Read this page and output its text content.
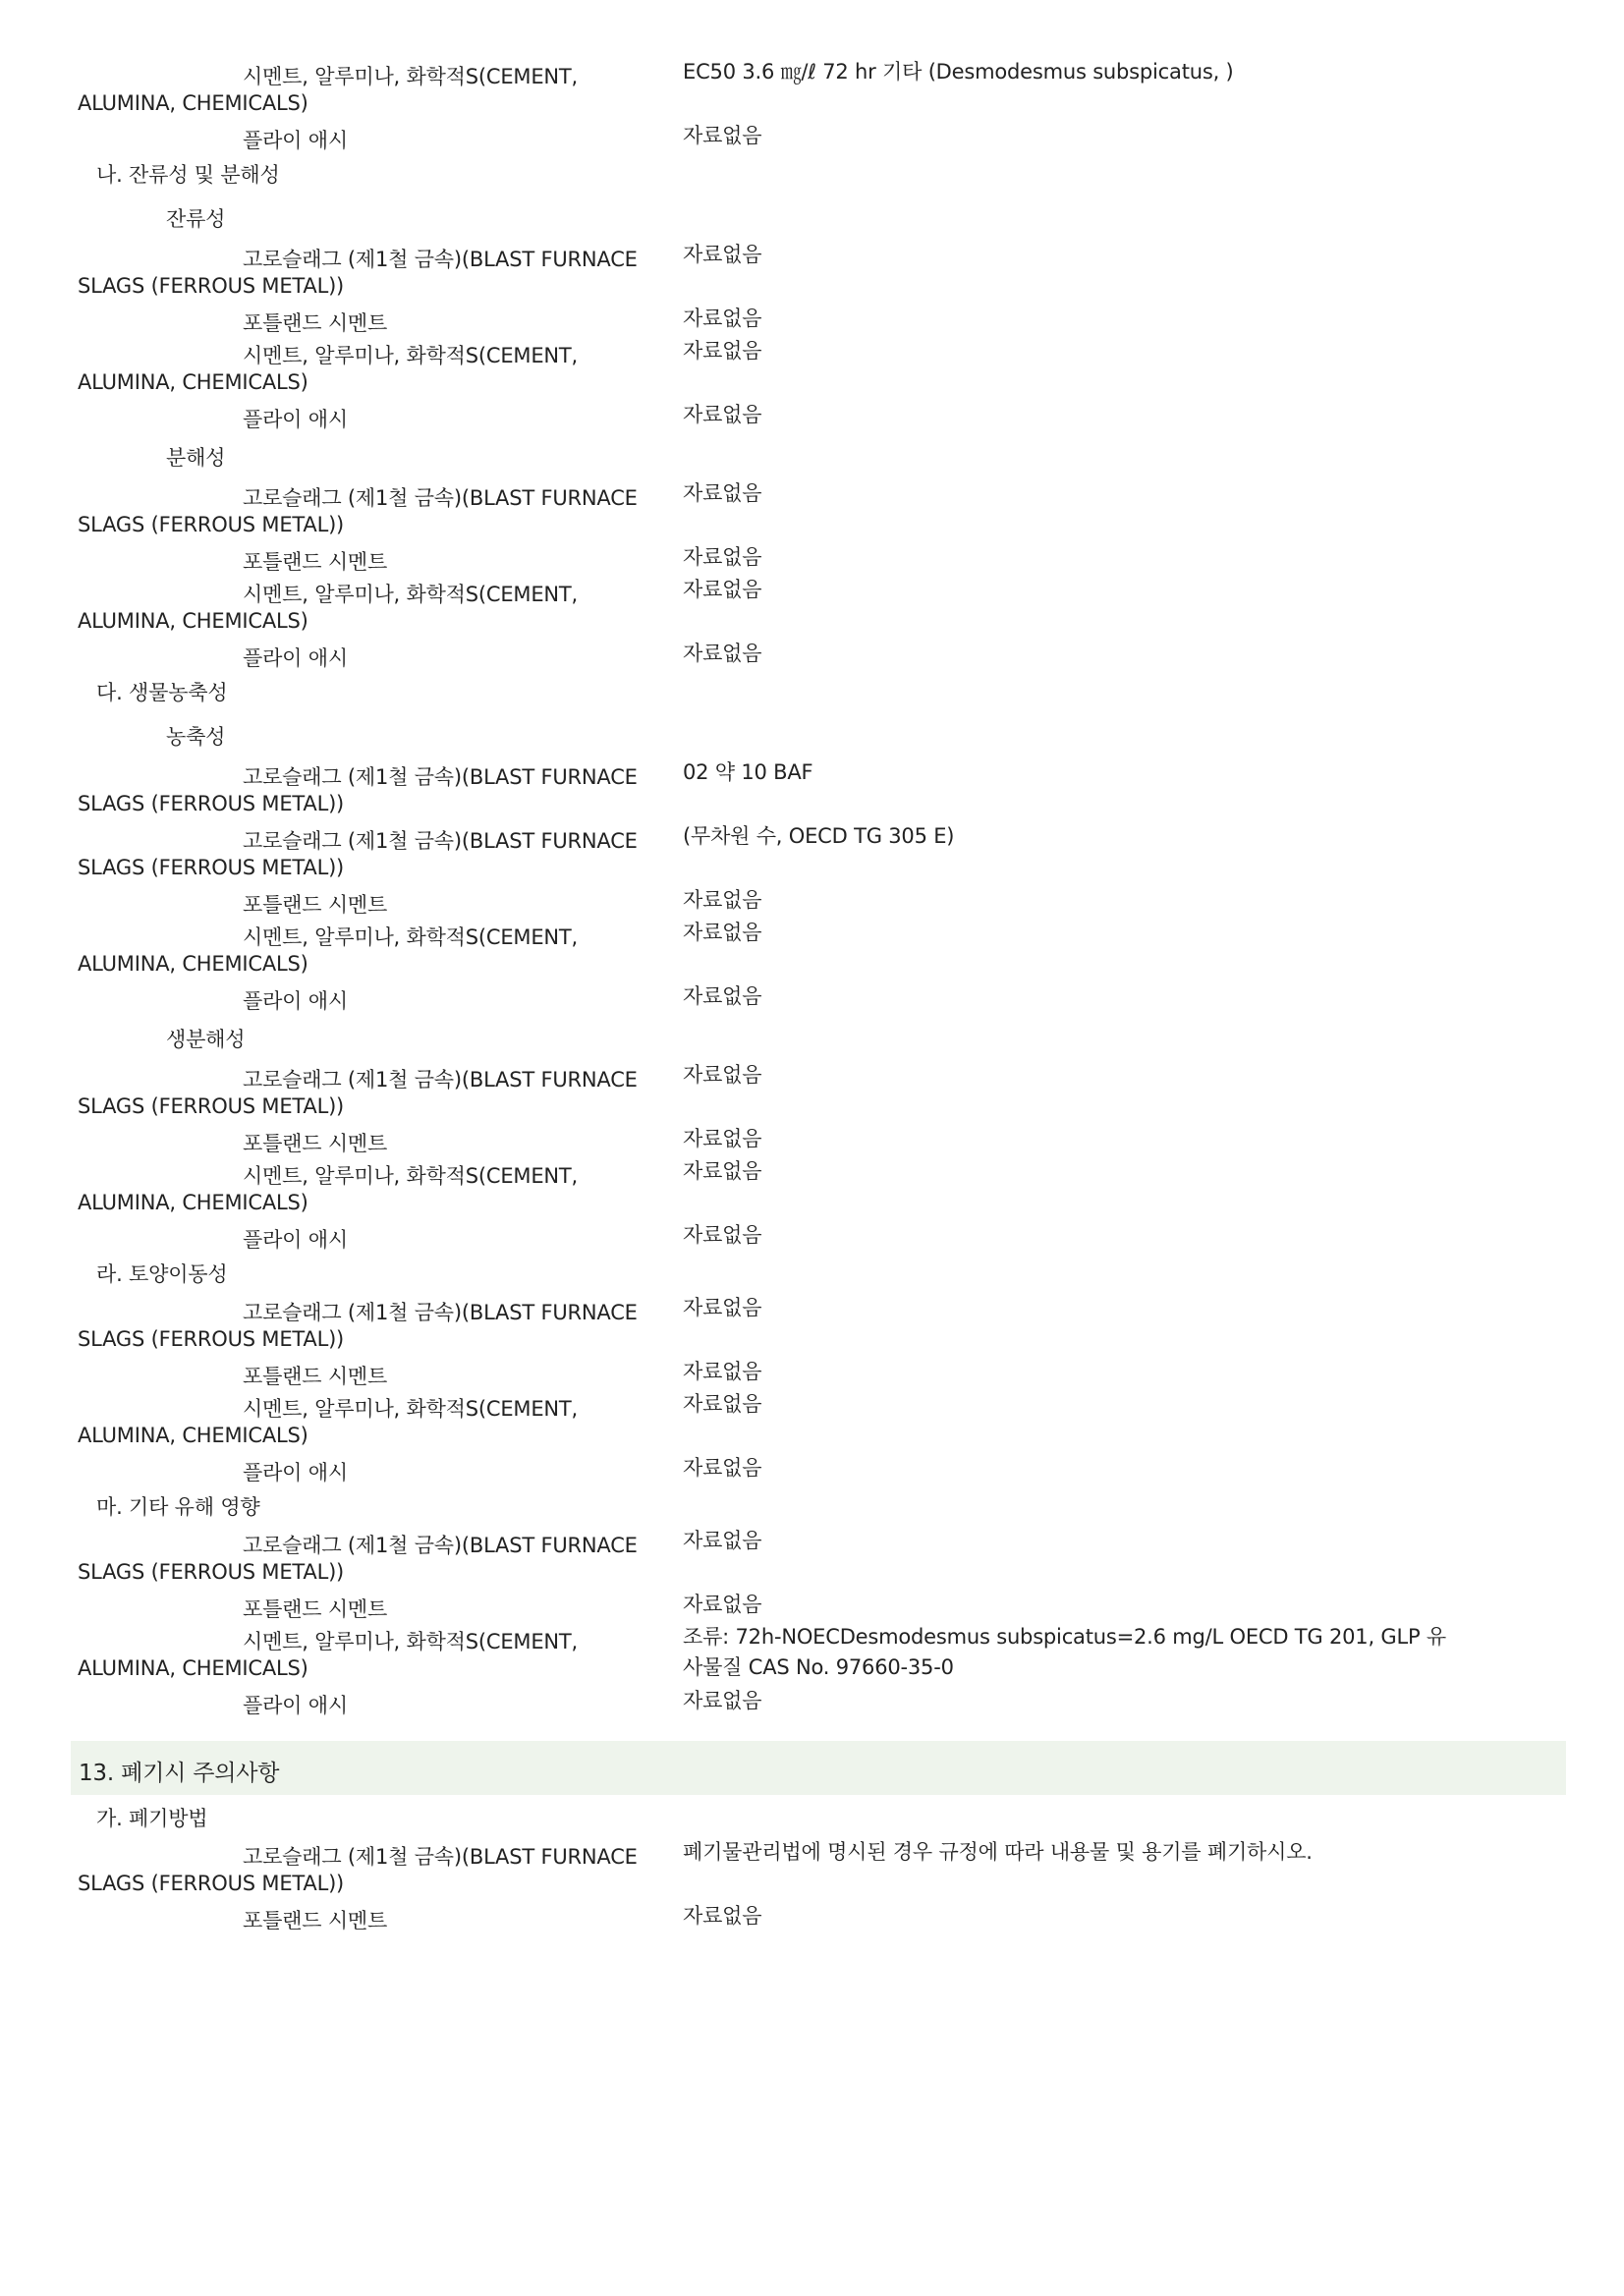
시멘트, 알루미나, 화학적S(CEMENT,
ALUMINA, CHEMICALS)
EC50 3.6 ㎎/ℓ 72 hr 기타 (Desmodesmus subspicatus, )
플라이 애시	자료없음
나. 잔류성 및 분해성
잔류성
고로슬래그 (제1철 금속)(BLAST FURNACE
SLAGS (FERROUS METAL))
자료없음
포틀랜드 시멘트	자료없음
시멘트, 알루미나, 화학적S(CEMENT,
ALUMINA, CHEMICALS)
자료없음
플라이 애시	자료없음
분해성
고로슬래그 (제1철 금속)(BLAST FURNACE
SLAGS (FERROUS METAL))
자료없음
포틀랜드 시멘트	자료없음
시멘트, 알루미나, 화학적S(CEMENT,
ALUMINA, CHEMICALS)
자료없음
플라이 애시	자료없음
다. 생물농축성
농축성
고로슬래그 (제1철 금속)(BLAST FURNACE
SLAGS (FERROUS METAL))
02 약 10 BAF
고로슬래그 (제1철 금속)(BLAST FURNACE
SLAGS (FERROUS METAL))
(무차원 수, OECD TG 305 E)
포틀랜드 시멘트	자료없음
시멘트, 알루미나, 화학적S(CEMENT,
ALUMINA, CHEMICALS)
자료없음
플라이 애시	자료없음
생분해성
고로슬래그 (제1철 금속)(BLAST FURNACE
SLAGS (FERROUS METAL))
자료없음
포틀랜드 시멘트	자료없음
시멘트, 알루미나, 화학적S(CEMENT,
ALUMINA, CHEMICALS)
자료없음
플라이 애시	자료없음
라. 토양이동성
고로슬래그 (제1철 금속)(BLAST FURNACE
SLAGS (FERROUS METAL))
자료없음
포틀랜드 시멘트	자료없음
시멘트, 알루미나, 화학적S(CEMENT,
ALUMINA, CHEMICALS)
자료없음
플라이 애시	자료없음
마. 기타 유해 영향
고로슬래그 (제1철 금속)(BLAST FURNACE
SLAGS (FERROUS METAL))
자료없음
포틀랜드 시멘트	자료없음
시멘트, 알루미나, 화학적S(CEMENT,
ALUMINA, CHEMICALS)
조류: 72h-NOECDesmodesmus subspicatus=2.6 mg/L OECD TG 201, GLP 유사물질 CAS No. 97660-35-0
플라이 애시	자료없음
13. 폐기시 주의사항
가. 폐기방법
고로슬래그 (제1철 금속)(BLAST FURNACE
SLAGS (FERROUS METAL))
폐기물관리법에 명시된 경우 규정에 따라 내용물 및 용기를 폐기하시오.
포틀랜드 시멘트	자료없음
